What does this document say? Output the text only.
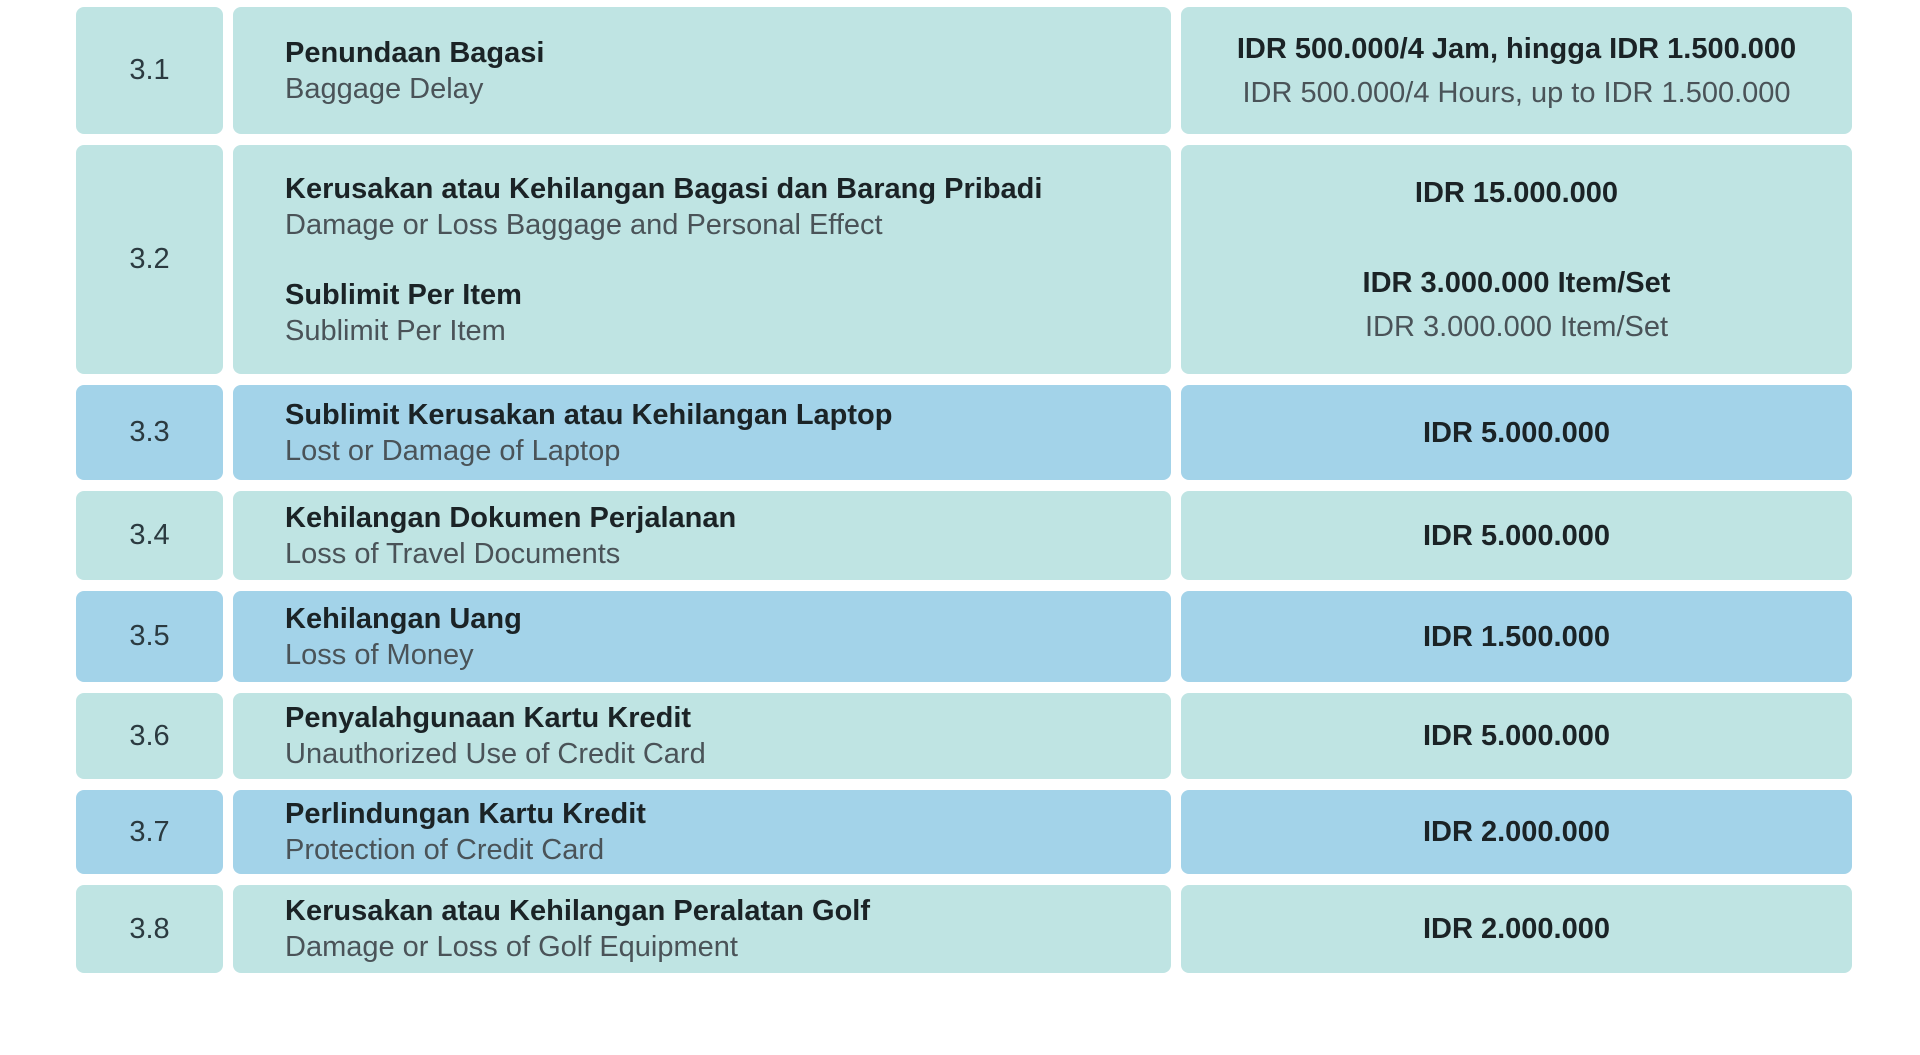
3.1
Penundaan Bagasi
Baggage Delay
IDR 500.000/4 Jam, hingga IDR 1.500.000
IDR 500.000/4 Hours, up to IDR 1.500.000
3.2
Kerusakan atau Kehilangan Bagasi dan Barang Pribadi
Damage or Loss Baggage and Personal Effect
Sublimit Per Item
Sublimit Per Item
IDR 15.000.000
IDR 3.000.000 Item/Set
IDR 3.000.000 Item/Set
3.3
Sublimit Kerusakan atau Kehilangan Laptop
Lost or Damage of Laptop
IDR 5.000.000
3.4
Kehilangan Dokumen Perjalanan
Loss of Travel Documents
IDR 5.000.000
3.5
Kehilangan Uang
Loss of Money
IDR 1.500.000
3.6
Penyalahgunaan Kartu Kredit
Unauthorized Use of Credit Card
IDR 5.000.000
3.7
Perlindungan Kartu Kredit
Protection of Credit Card
IDR 2.000.000
3.8
Kerusakan atau Kehilangan Peralatan Golf
Damage or Loss of Golf Equipment
IDR 2.000.000
